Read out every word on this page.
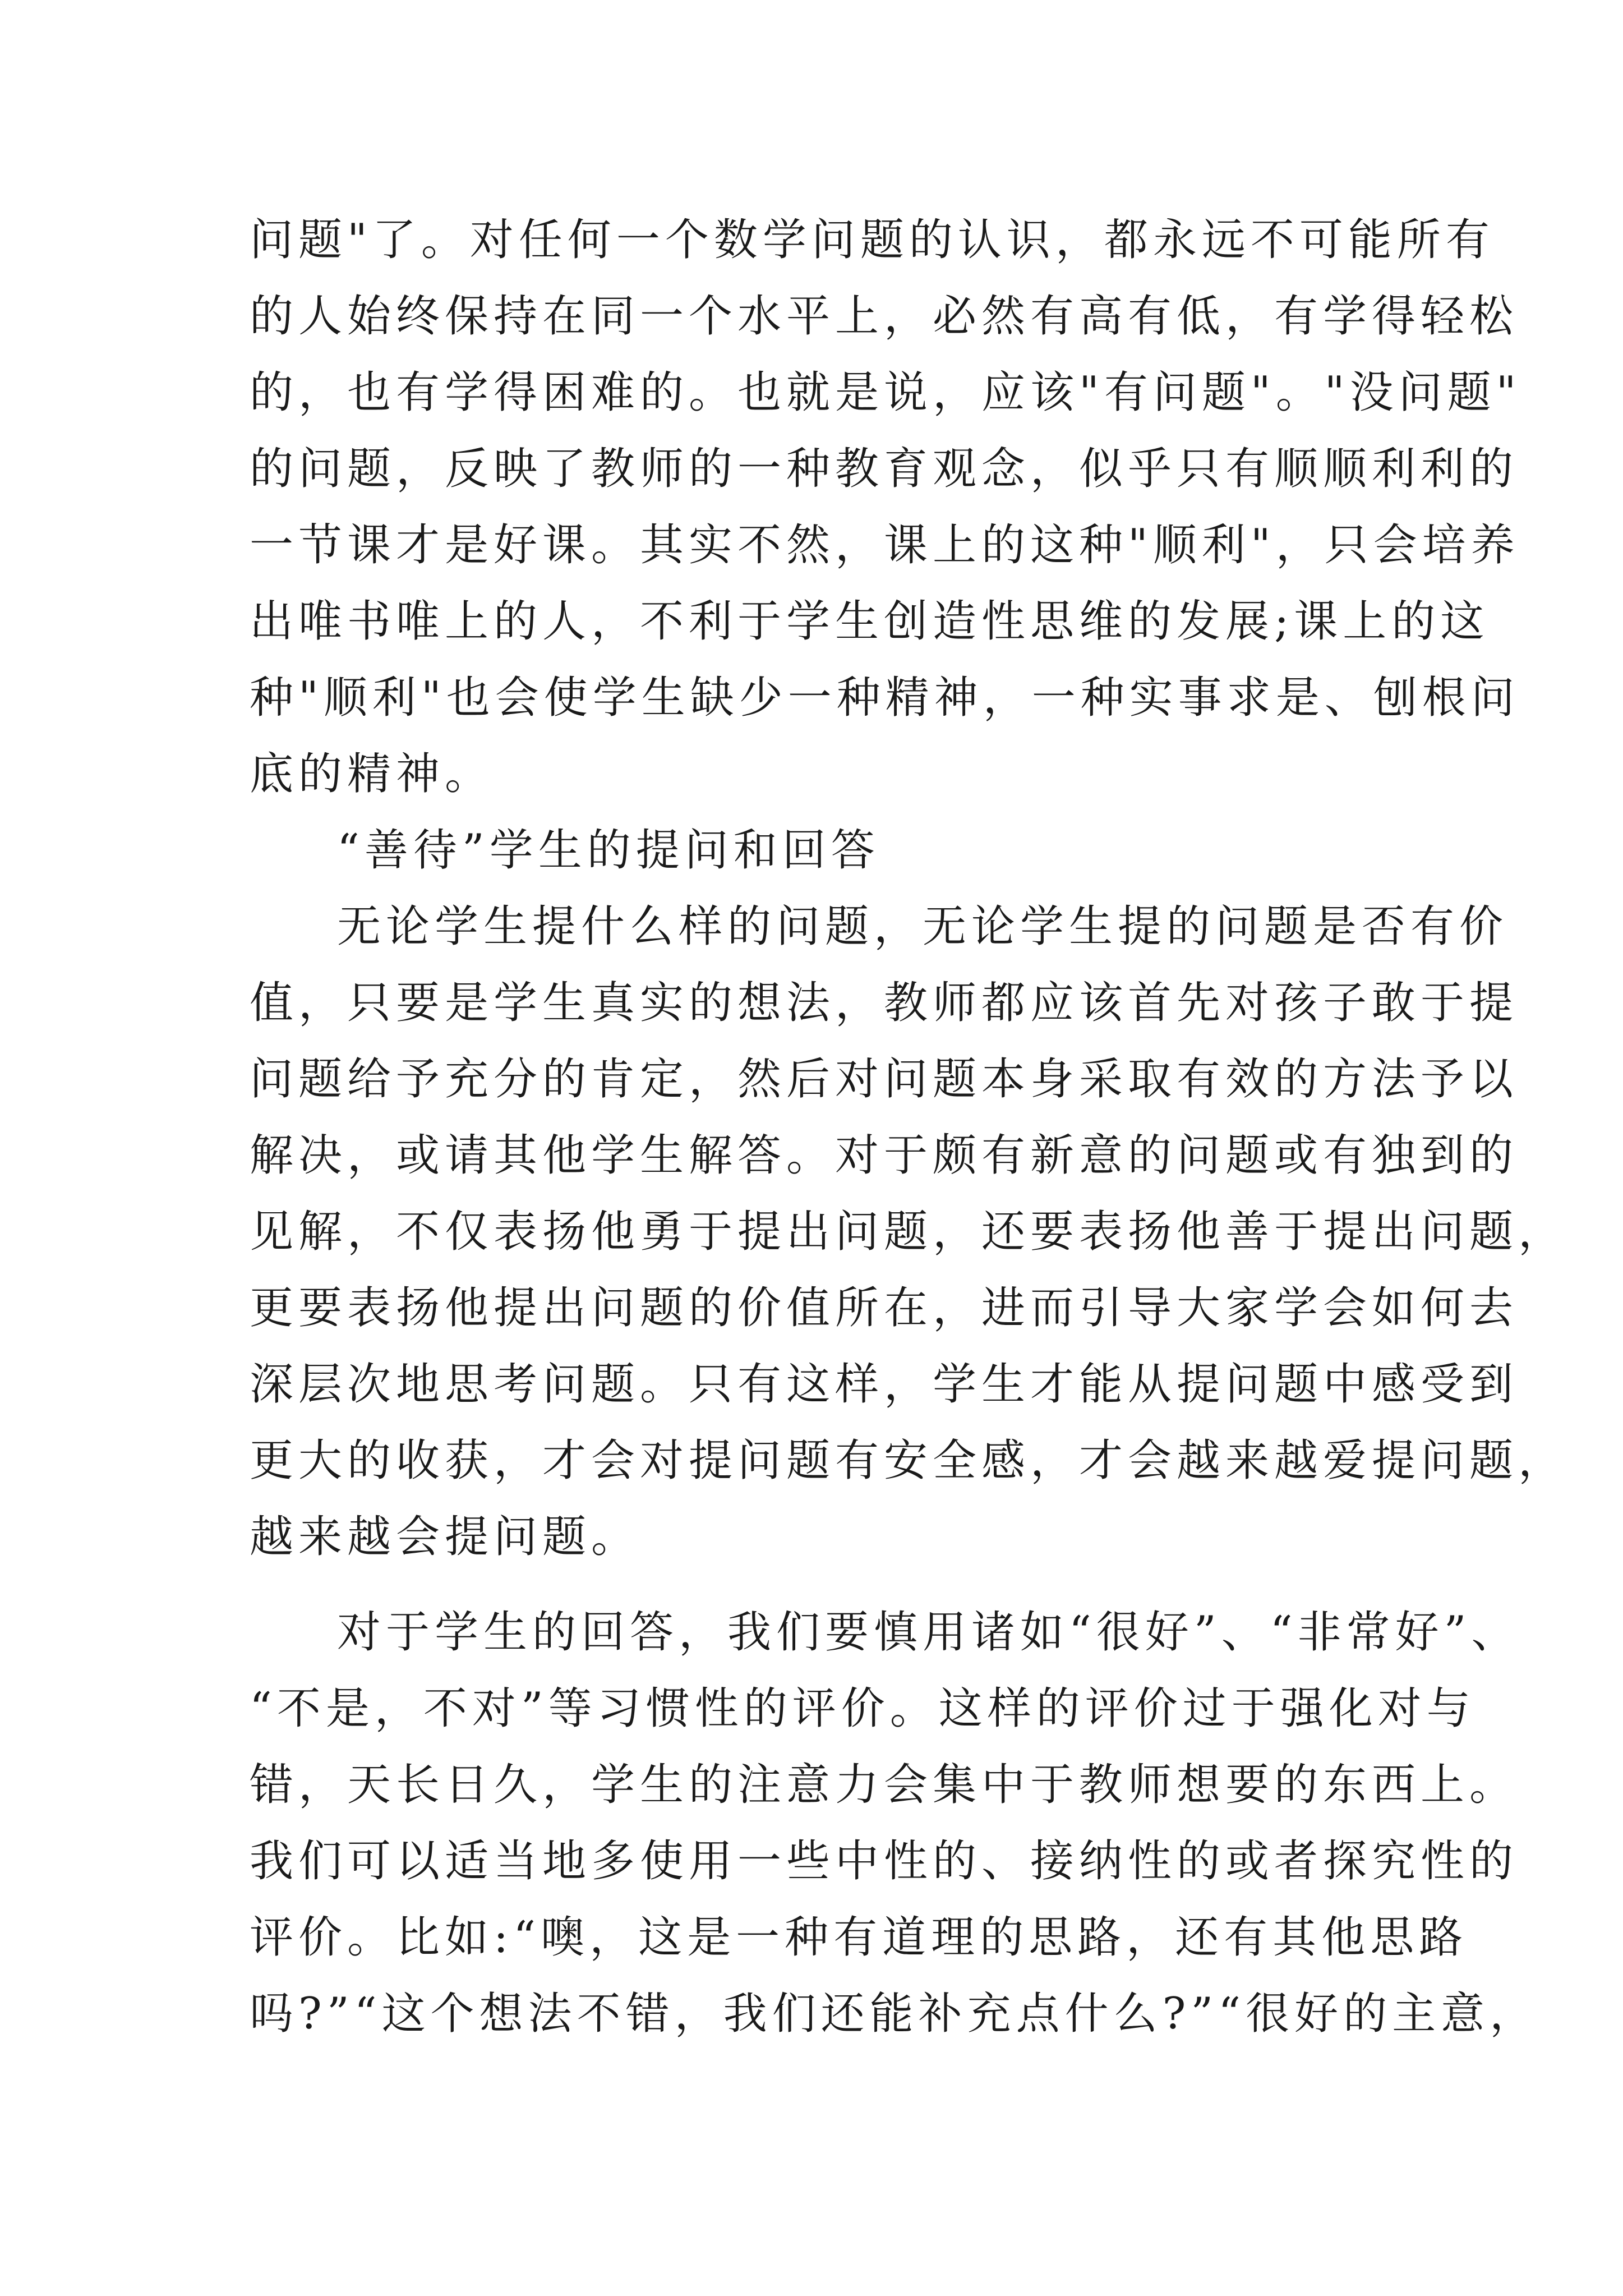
问题"了。对任何一个数学问题的认识，都永远不可能所有
的人始终保持在同一个水平上，必然有高有低，有学得轻松
的，也有学得困难的。也就是说，应该"有问题"。"没问题"
的问题，反映了教师的一种教育观念，似乎只有顺顺利利的
一节课才是好课。其实不然，课上的这种"顺利"，只会培养
出唯书唯上的人，不利于学生创造性思维的发展;课上的这
种"顺利"也会使学生缺少一种精神，一种实事求是、刨根问
底的精神。
“善待”学生的提问和回答
无论学生提什么样的问题，无论学生提的问题是否有价
值，只要是学生真实的想法，教师都应该首先对孩子敢于提
问题给予充分的肯定，然后对问题本身采取有效的方法予以
解决，或请其他学生解答。对于颇有新意的问题或有独到的
见解，不仅表扬他勇于提出问题，还要表扬他善于提出问题，
更要表扬他提出问题的价值所在，进而引导大家学会如何去
深层次地思考问题。只有这样，学生才能从提问题中感受到
更大的收获，才会对提问题有安全感，才会越来越爱提问题，
越来越会提问题。
对于学生的回答，我们要慎用诸如“很好”、“非常好”、
“不是，不对”等习惯性的评价。这样的评价过于强化对与
错，天长日久，学生的注意力会集中于教师想要的东西上。
我们可以适当地多使用一些中性的、接纳性的或者探究性的
评价。比如:“噢，这是一种有道理的思路，还有其他思路
吗?”“这个想法不错，我们还能补充点什么?”“很好的主意，
